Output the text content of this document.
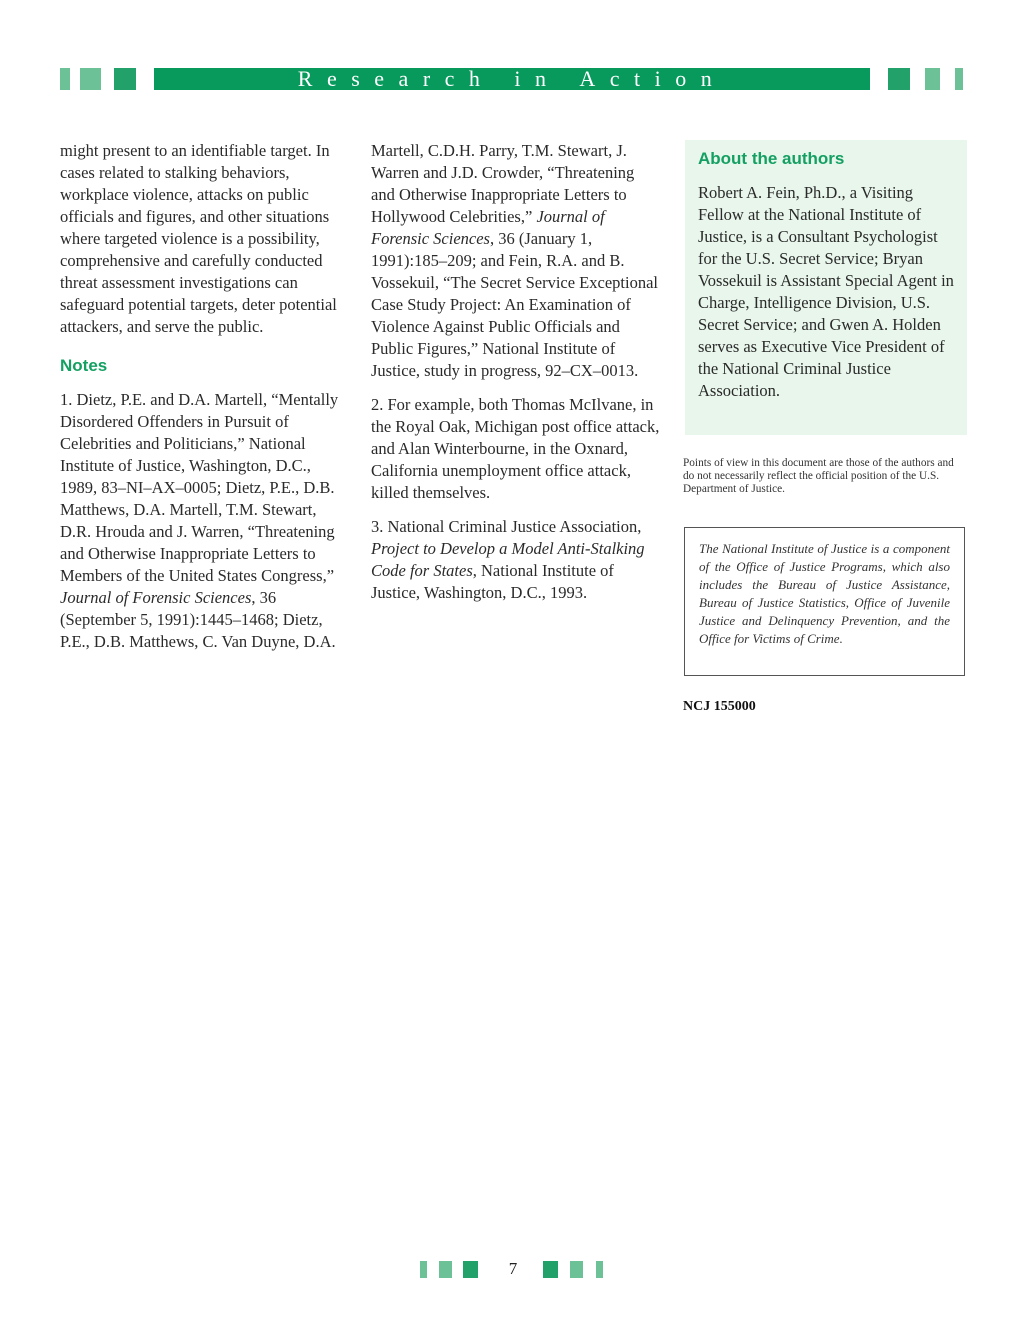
Research in Action

might present to an identifiable target. In cases related to stalking behaviors, workplace violence, attacks on public officials and figures, and other situations where targeted violence is a possibility, comprehensive and carefully conducted threat assessment investigations can safeguard potential targets, deter potential attackers, and serve the public.

Notes

1. Dietz, P.E. and D.A. Martell, “Mentally Disordered Offenders in Pursuit of Celebrities and Politicians,” National Institute of Justice, Washington, D.C., 1989, 83–NI–AX–0005; Dietz, P.E., D.B. Matthews, D.A. Martell, T.M. Stewart, D.R. Hrouda and J. Warren, “Threatening and Otherwise Inappropriate Letters to Members of the United States Congress,” Journal of Forensic Sciences, 36 (September 5, 1991):1445–1468; Dietz, P.E., D.B. Matthews, C. Van Duyne, D.A.

Martell, C.D.H. Parry, T.M. Stewart, J. Warren and J.D. Crowder, “Threatening and Otherwise Inappropriate Letters to Hollywood Celebrities,” Journal of Forensic Sciences, 36 (January 1, 1991):185–209; and Fein, R.A. and B. Vossekuil, “The Secret Service Exceptional Case Study Project: An Examination of Violence Against Public Officials and Public Figures,” National Institute of Justice, study in progress, 92–CX–0013.

2. For example, both Thomas McIlvane, in the Royal Oak, Michigan post office attack, and Alan Winterbourne, in the Oxnard, California unemployment office attack, killed themselves.

3. National Criminal Justice Association, Project to Develop a Model Anti-Stalking Code for States, National Institute of Justice, Washington, D.C., 1993.

About the authors

Robert A. Fein, Ph.D., a Visiting Fellow at the National Institute of Justice, is a Consultant Psychologist for the U.S. Secret Service; Bryan Vossekuil is Assistant Special Agent in Charge, Intelligence Division, U.S. Secret Service; and Gwen A. Holden serves as Executive Vice President of the National Criminal Justice Association.

Points of view in this document are those of the authors and do not necessarily reflect the official position of the U.S. Department of Justice.

The National Institute of Justice is a component of the Office of Justice Programs, which also includes the Bureau of Justice Assistance, Bureau of Justice Statistics, Office of Juvenile Justice and Delinquency Prevention, and the Office for Victims of Crime.

NCJ 155000

7
